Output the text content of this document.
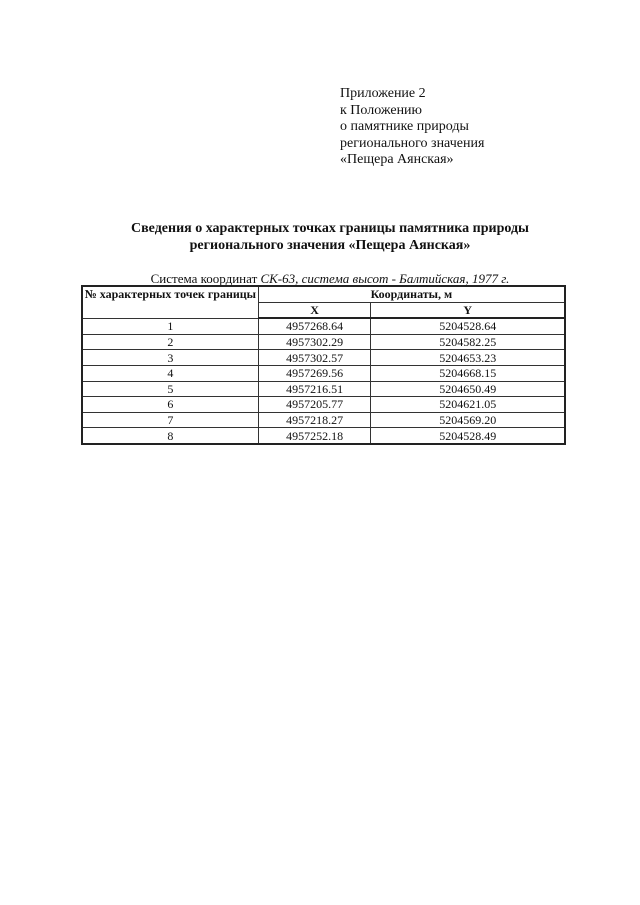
Приложение 2
к Положению
о памятнике природы
регионального значения
«Пещера Аянская»
Сведения о характерных точках границы памятника природы
регионального значения «Пещера Аянская»
Система координат СК-63, система высот - Балтийская, 1977 г.
№ характерных точек границы	Координаты, м	
	X	Y
1	4957268.64	5204528.64
2	4957302.29	5204582.25
3	4957302.57	5204653.23
4	4957269.56	5204668.15
5	4957216.51	5204650.49
6	4957205.77	5204621.05
7	4957218.27	5204569.20
8	4957252.18	5204528.49
